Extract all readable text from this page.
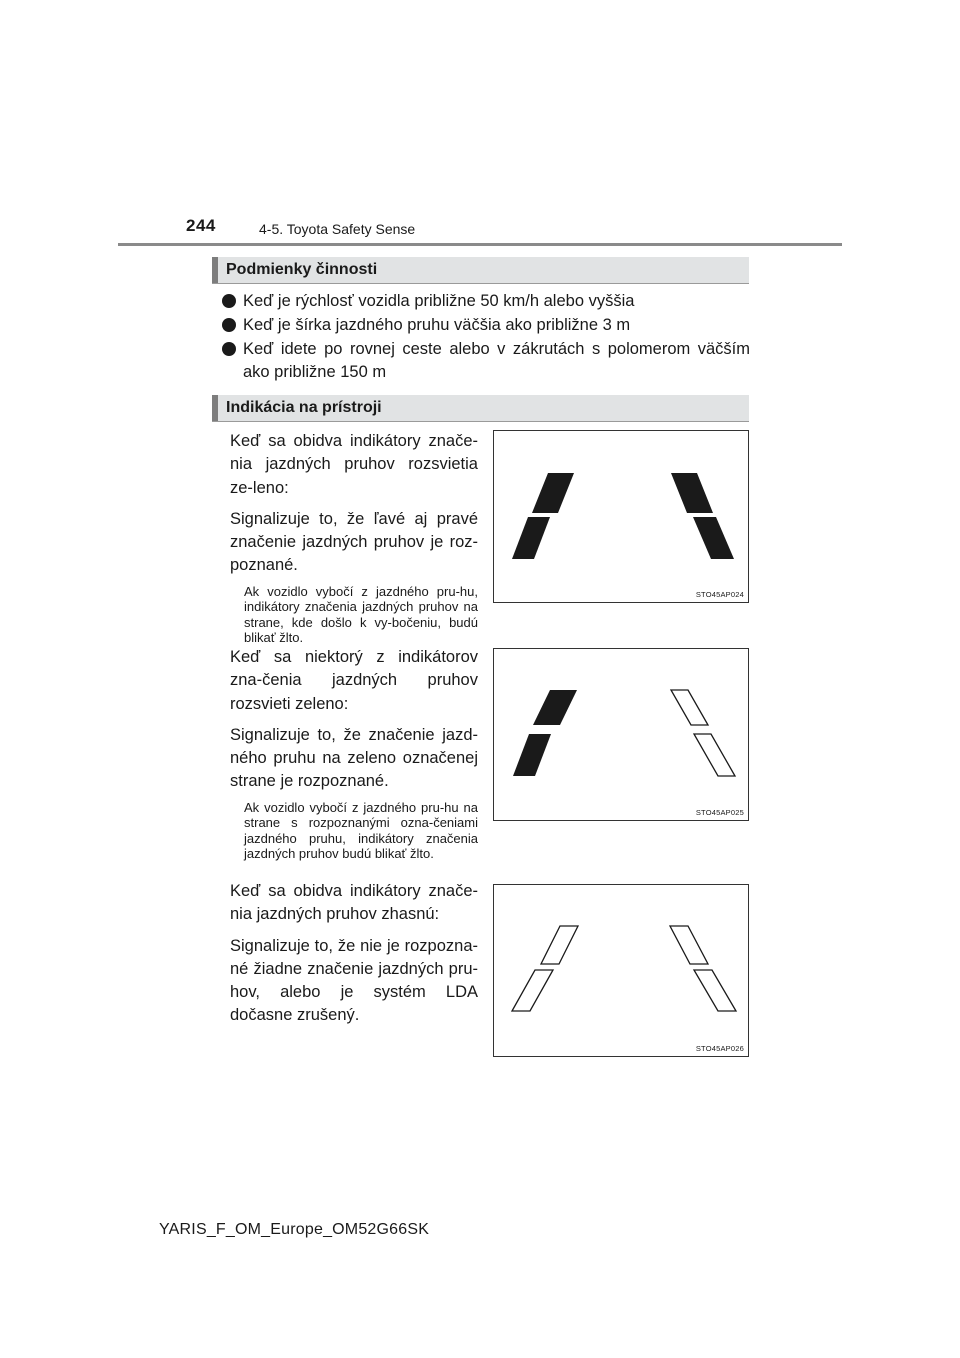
244	4-5. Toyota Safety Sense
Podmienky činnosti
Keď je rýchlosť vozidla približne 50 km/h alebo vyššia
Keď je šírka jazdného pruhu väčšia ako približne 3 m
Keď idete po rovnej ceste alebo v zákrutách s polomerom väčším ako približne 150 m
Indikácia na prístroji

Keď sa obidva indikátory znače-nia jazdných pruhov rozsvietia ze-leno:

Signalizuje to, že ľavé aj pravé značenie jazdných pruhov je roz-poznané.

Ak vozidlo vybočí z jazdného pru-hu, indikátory značenia jazdných pruhov na strane, kde došlo k vy-bočeniu, budú blikať žlto.

STO45AP024

Keď sa niektorý z indikátorov zna-čenia jazdných pruhov rozsvieti zeleno:

Signalizuje to, že značenie jazd-ného pruhu na zeleno označenej strane je rozpoznané.

Ak vozidlo vybočí z jazdného pru-hu na strane s rozpoznanými ozna-čeniami jazdného pruhu, indikátory značenia jazdných pruhov budú blikať žlto.

STO45AP025

Keď sa obidva indikátory znače-nia jazdných pruhov zhasnú:

Signalizuje to, že nie je rozpozna-né žiadne značenie jazdných pru-hov, alebo je systém LDA dočasne zrušený.

STO45AP026
YARIS_F_OM_Europe_OM52G66SK
